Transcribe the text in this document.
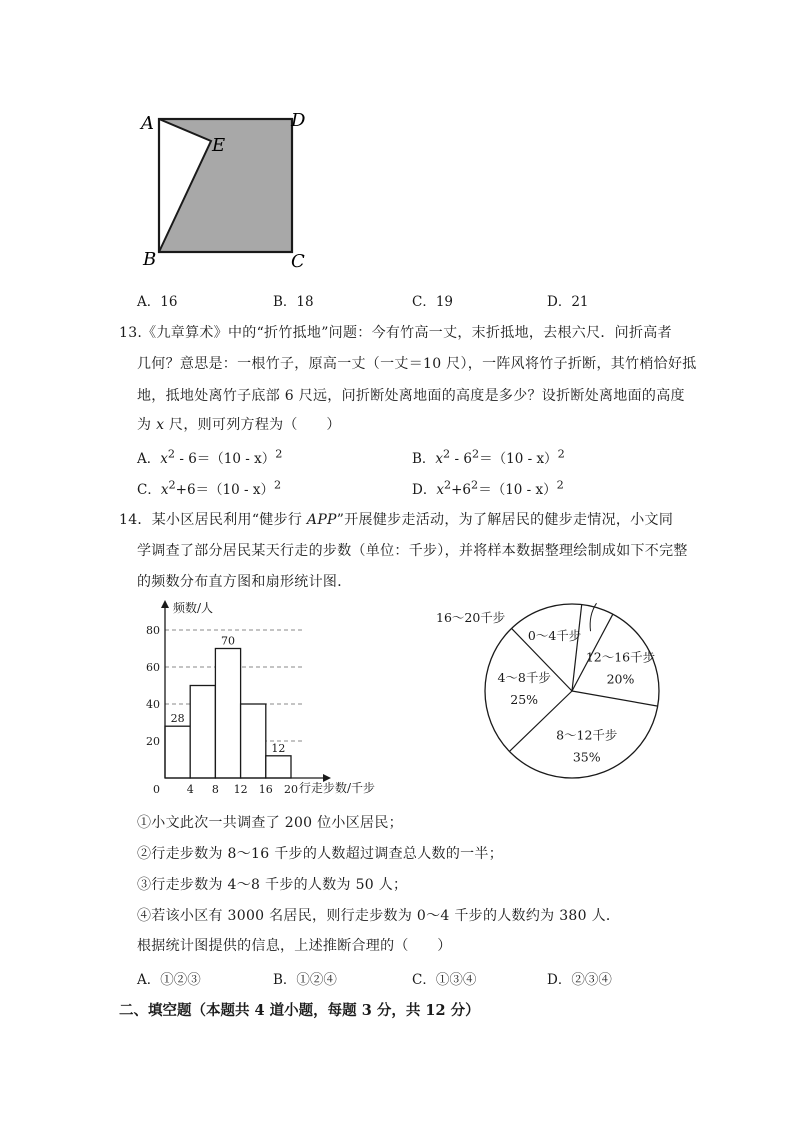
A	D
E
B	C
A．16	B．18	C．19	D．21
13.《九章算术》中的“折竹抵地”问题：今有竹高一丈，末折抵地，去根六尺．问折高者
几何？意思是：一根竹子，原高一丈（一丈＝10 尺），一阵风将竹子折断，其竹梢恰好抵
地，抵地处离竹子底部 6 尺远，问折断处离地面的高度是多少？设折断处离地面的高度
为 x 尺，则可列方程为（　　）
A．$x^2 - 6=(10 - x)^2$	B．$x^2 - 6^2=(10 - x)^2$
C．$x^2+6=(10 - x)^2$	D．$x^2+6^2=(10 - x)^2$
14．某小区居民利用“健步行 APP”开展健步走活动，为了解居民的健步走情况，小文同
学调查了部分居民某天行走的步数（单位：千步），并将样本数据整理绘制成如下不完整
的频数分布直方图和扇形统计图．
20
40
60
80
28
70
12
频数/人
0 4 8 12 16 20 行走步数/千步
12～16千步
20%
8～12千步
35%
4～8千步
25%
0～4千步
16～20千步
①小文此次一共调查了 200 位小区居民；
②行走步数为 8～16 千步的人数超过调查总人数的一半；
③行走步数为 4～8 千步的人数为 50 人；
④若该小区有 3000 名居民，则行走步数为 0～4 千步的人数约为 380 人．
根据统计图提供的信息，上述推断合理的（　　）
A．①②③	B．①②④	C．①③④	D．②③④
二、填空题（本题共 4 道小题，每题 3 分，共 12 分）
